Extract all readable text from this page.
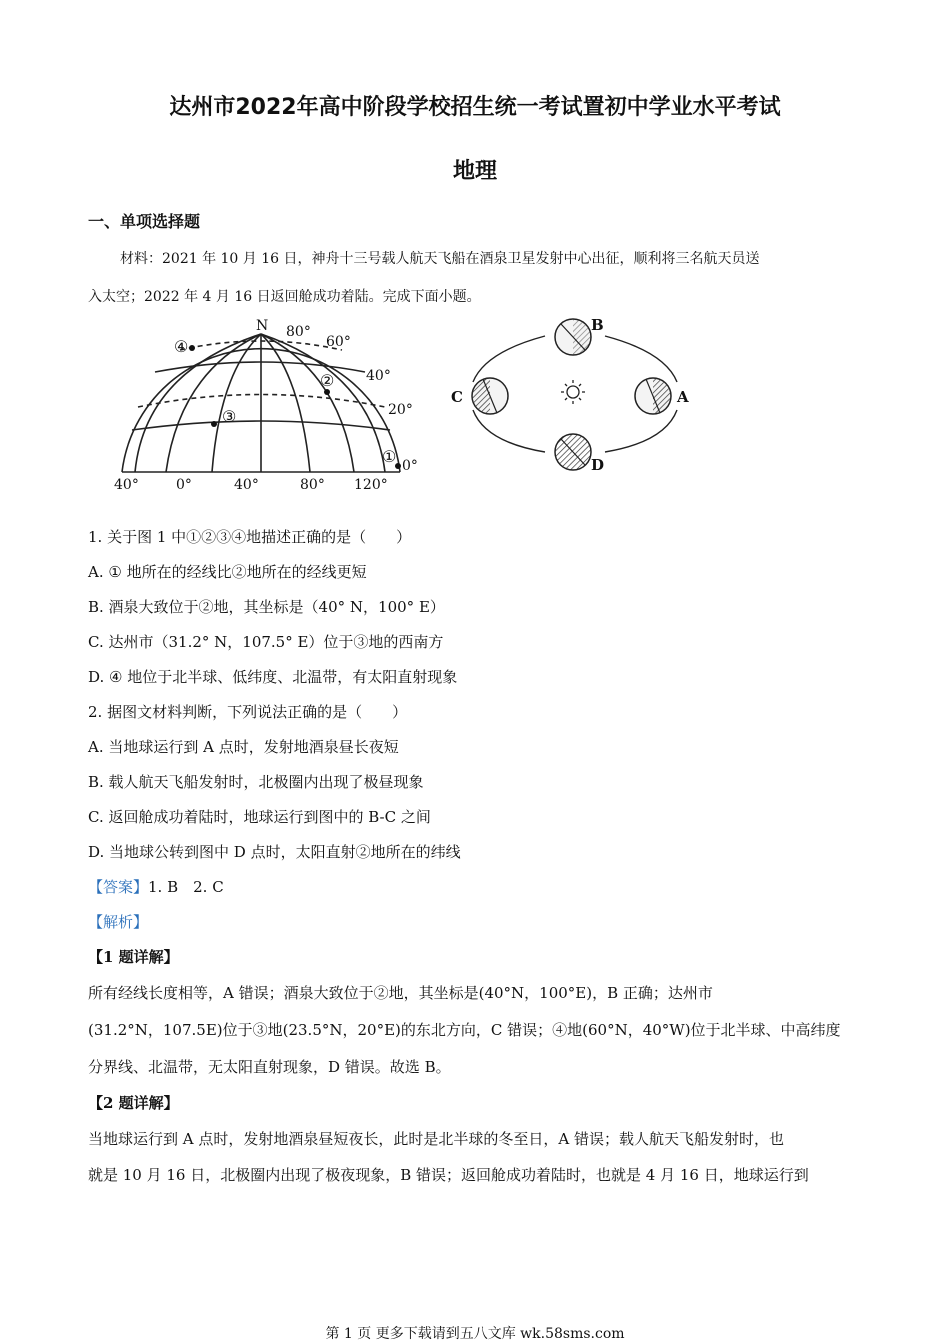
达州市2022年高中阶段学校招生统一考试置初中学业水平考试
地理
一、单项选择题
材料：2021 年 10 月 16 日，神舟十三号载人航天飞船在酒泉卫星发射中心出征，顺利将三名航天员送
入太空；2022 年 4 月 16 日返回舱成功着陆。完成下面小题。
N 80°
60°
40°
20°
0°
40°	0°	40°	80° 120°
④
②
③
①
B
C	A
D
1. 关于图 1 中①②③④地描述正确的是（　　）
A. ① 地所在的经线比②地所在的经线更短
B. 酒泉大致位于②地，其坐标是（40° N，100° E）
C. 达州市（31.2° N，107.5° E）位于③地的西南方
D. ④ 地位于北半球、低纬度、北温带，有太阳直射现象
2. 据图文材料判断，下列说法正确的是（　　）
A. 当地球运行到 A 点时，发射地酒泉昼长夜短
B. 载人航天飞船发射时，北极圈内出现了极昼现象
C. 返回舱成功着陆时，地球运行到图中的 B-C 之间
D. 当地球公转到图中 D 点时，太阳直射②地所在的纬线
【答案】1. B　2. C
【解析】
【1 题详解】
所有经线长度相等，A 错误；酒泉大致位于②地，其坐标是(40°N，100°E)，B 正确；达州市
(31.2°N，107.5E)位于③地(23.5°N，20°E)的东北方向，C 错误；④地(60°N，40°W)位于北半球、中高纬度
分界线、北温带，无太阳直射现象，D 错误。故选 B。
【2 题详解】
当地球运行到 A 点时，发射地酒泉昼短夜长，此时是北半球的冬至日，A 错误；载人航天飞船发射时，也
就是 10 月 16 日，北极圈内出现了极夜现象，B 错误；返回舱成功着陆时，也就是 4 月 16 日，地球运行到
第 1 页 更多下载请到五八文库 wk.58sms.com
